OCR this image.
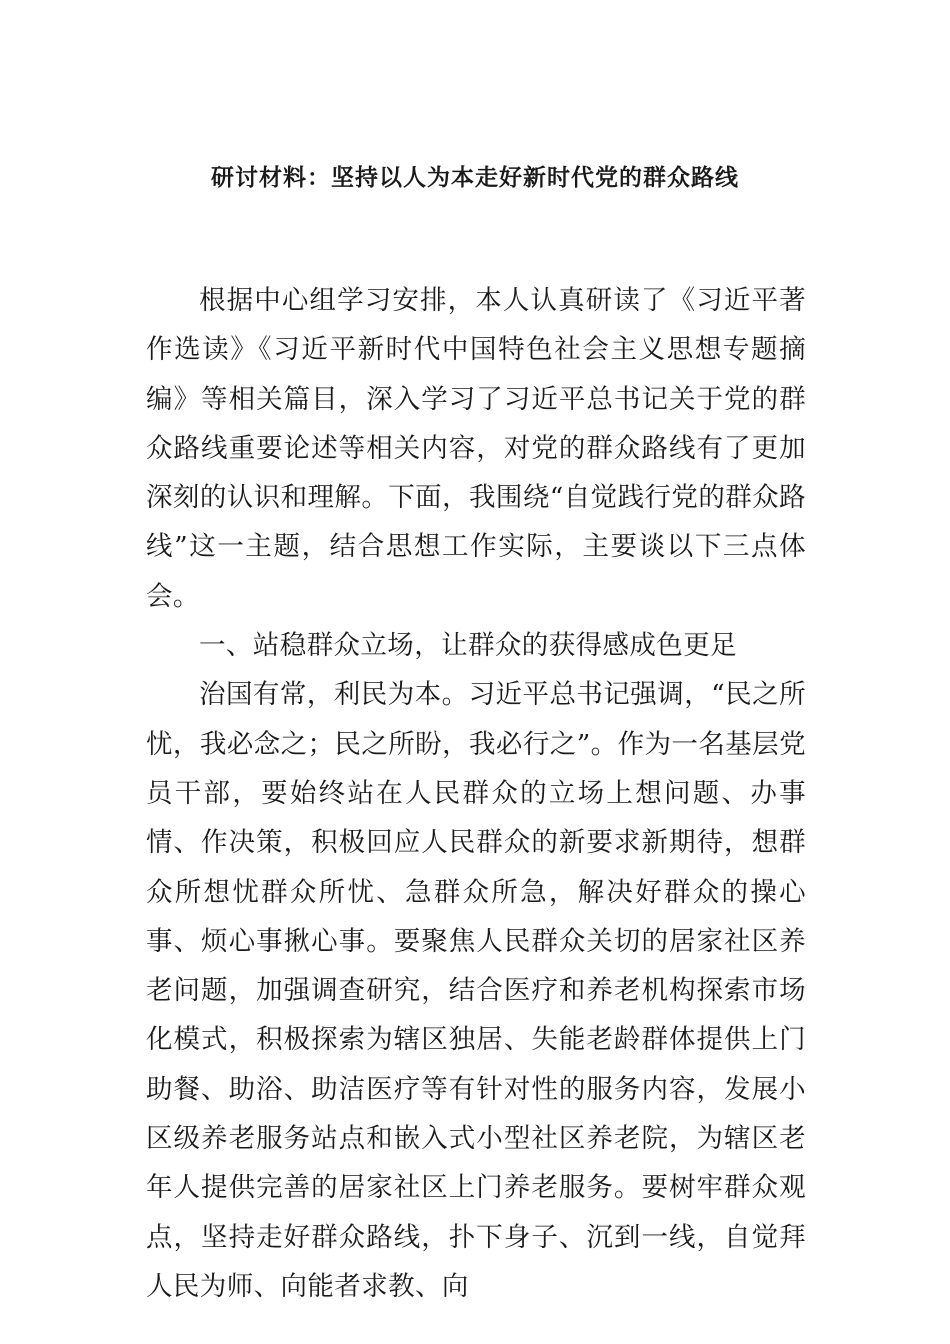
研讨材料：坚持以人为本走好新时代党的群众路线

根据中心组学习安排，本人认真研读了《习近平著作选读》《习近平新时代中国特色社会主义思想专题摘编》等相关篇目，深入学习了习近平总书记关于党的群众路线重要论述等相关内容，对党的群众路线有了更加深刻的认识和理解。下面，我围绕“自觉践行党的群众路线”这一主题，结合思想工作实际，主要谈以下三点体会。

一、站稳群众立场，让群众的获得感成色更足

治国有常，利民为本。习近平总书记强调，“民之所忧，我必念之；民之所盼，我必行之”。作为一名基层党员干部，要始终站在人民群众的立场上想问题、办事情、作决策，积极回应人民群众的新要求新期待，想群众所想忧群众所忧、急群众所急，解决好群众的操心事、烦心事揪心事。要聚焦人民群众关切的居家社区养老问题，加强调查研究，结合医疗和养老机构探索市场化模式，积极探索为辖区独居、失能老龄群体提供上门助餐、助浴、助洁医疗等有针对性的服务内容，发展小区级养老服务站点和嵌入式小型社区养老院，为辖区老年人提供完善的居家社区上门养老服务。要树牢群众观点，坚持走好群众路线，扑下身子、沉到一线，自觉拜人民为师、向能者求教、向
